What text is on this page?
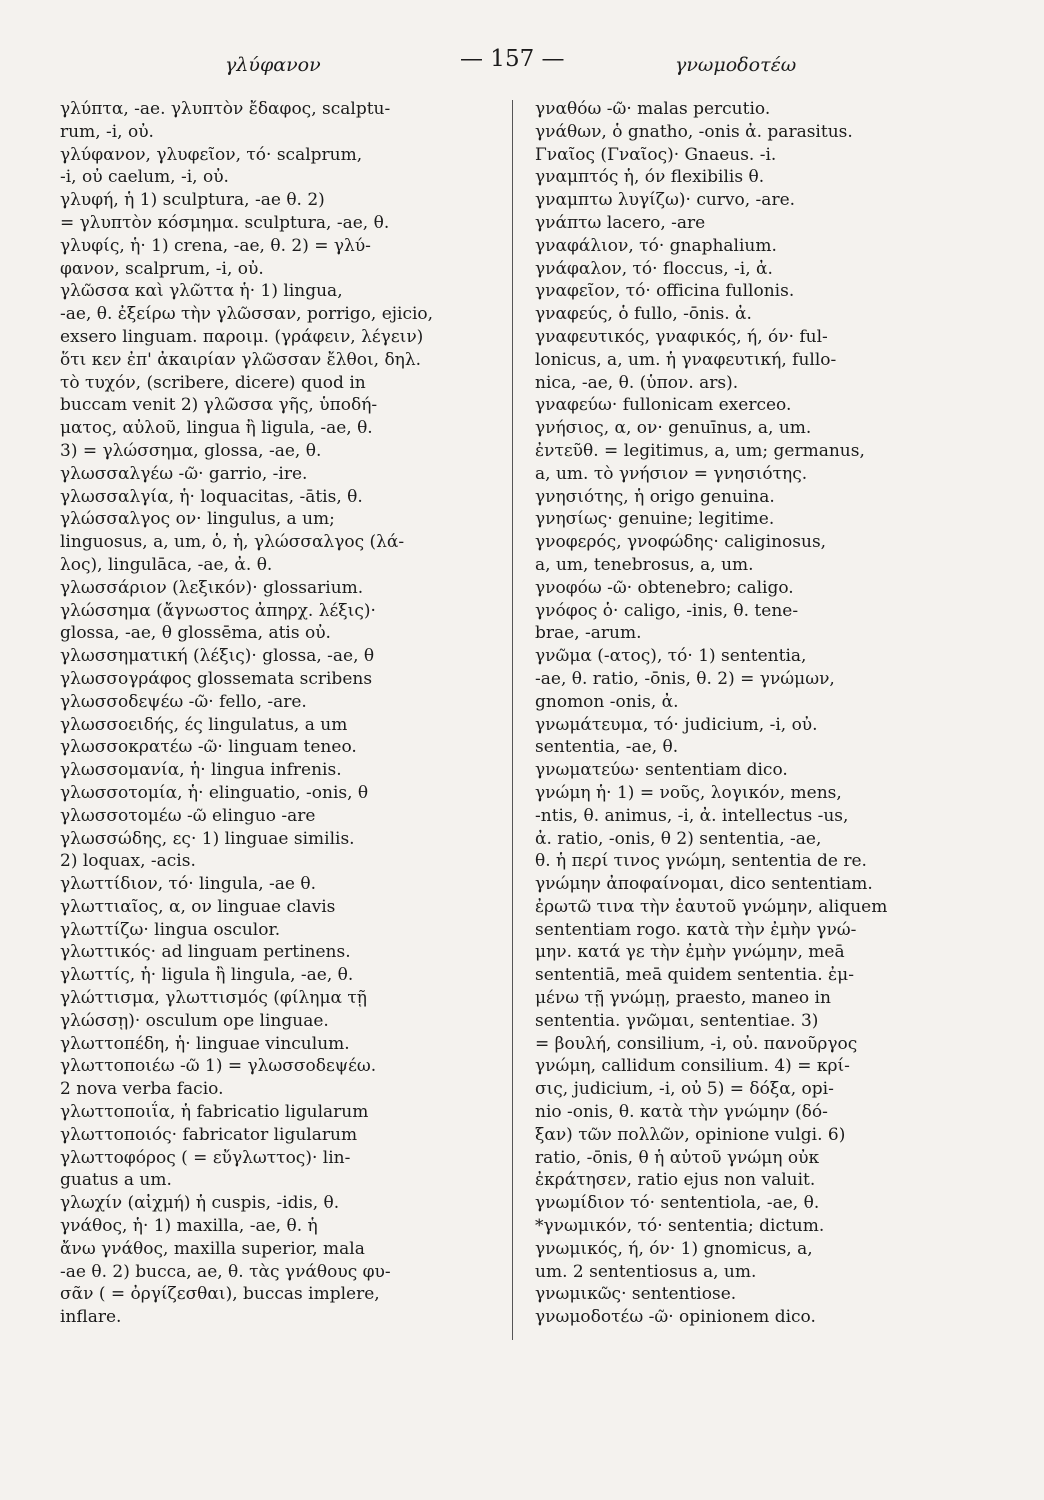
γλύφανον	— 157 —	γνωμοδοτέω
γλύπτα, -ae. γλυπτὸν ἔδαφος, scalptu-
rum, -i, οὐ.
γλύφανον, γλυφεῖον, τό· scalprum,
-i, οὐ caelum, -i, οὐ.
γλυφή, ἡ 1) sculptura, -ae θ. 2)
= γλυπτὸν κόσμημα. sculptura, -ae, θ.
γλυφίς, ἡ· 1) crena, -ae, θ. 2) = γλύ-
φανον, scalprum, -i, οὐ.
γλῶσσα καὶ γλῶττα ἡ· 1) lingua,
-ae, θ. ἐξείρω τὴν γλῶσσαν, porrigo, ejicio,
exsero linguam. παροιμ. (γράφειν, λέγειν)
ὅτι κεν ἐπ' ἀκαιρίαν γλῶσσαν ἔλθοι, δηλ.
τὸ τυχόν, (scribere, dicere) quod in
buccam venit 2) γλῶσσα γῆς, ὑποδή-
ματος, αὐλοῦ, lingua ἢ ligula, -ae, θ.
3) = γλώσσημα, glossa, -ae, θ.
γλωσσαλγέω -ῶ· garrio, -ire.
γλωσσαλγία, ἡ· loquacitas, -ātis, θ.
γλώσσαλγος ον· lingulus, a um;
linguosus, a, um, ὁ, ἡ, γλώσσαλγος (λά-
λος), lingulāca, -ae, ἀ. θ.
γλωσσάριον (λεξικόν)· glossarium.
γλώσσημα (ἄγνωστος ἀπηρχ. λέξις)·
glossa, -ae, θ glossēma, atis οὐ.
γλωσσηματική (λέξις)· glossa, -ae, θ
γλωσσογράφος glossemata scribens
γλωσσοδεψέω -ῶ· fello, -are.
γλωσσοειδής, ές lingulatus, a um
γλωσσοκρατέω -ῶ· linguam teneo.
γλωσσομανία, ἡ· lingua infrenis.
γλωσσοτομία, ἡ· elinguatio, -onis, θ
γλωσσοτομέω -ῶ elinguo -are
γλωσσώδης, ες· 1) linguae similis.
2) loquax, -acis.
γλωττίδιον, τό· lingula, -ae θ.
γλωττιαῖος, α, ον linguae clavis
γλωττίζω· lingua osculor.
γλωττικός· ad linguam pertinens.
γλωττίς, ἡ· ligula ἢ lingula, -ae, θ.
γλώττισμα, γλωττισμός (φίλημα τῇ
γλώσσῃ)· osculum ope linguae.
γλωττοπέδη, ἡ· linguae vinculum.
γλωττοποιέω -ῶ 1) = γλωσσοδεψέω.
2 nova verba facio.
γλωττοποιΐα, ἡ fabricatio ligularum
γλωττοποιός· fabricator ligularum
γλωττοφόρος ( = εὔγλωττος)· lin-
guatus a um.
γλωχίν (αἰχμή) ἡ cuspis, -idis, θ.
γνάθος, ἡ· 1) maxilla, -ae, θ. ἡ
ἄνω γνάθος, maxilla superior, mala
-ae θ. 2) bucca, ae, θ. τὰς γνάθους φυ-
σᾶν ( = ὀργίζεσθαι), buccas implere,
inflare.
γναθόω -ῶ· malas percutio.
γνάθων, ὁ gnatho, -onis ἀ. parasitus.
Γναῖος (Γναῖος)· Gnaeus. -i.
γναμπτός ἡ, όν flexibilis θ.
γναμπτω λυγίζω)· curvo, -are.
γνάπτω lacero, -are
γναφάλιον, τό· gnaphalium.
γνάφαλον, τό· floccus, -i, ἀ.
γναφεῖον, τό· officina fullonis.
γναφεύς, ὁ fullo, -ōnis. ἀ.
γναφευτικός, γναφικός, ή, όν· ful-
lonicus, a, um. ἡ γναφευτική, fullo-
nica, -ae, θ. (ὑπον. ars).
γναφεύω· fullonicam exerceo.
γνήσιος, α, ον· genuīnus, a, um.
ἐντεῦθ. = legitimus, a, um; germanus,
a, um. τὸ γνήσιον = γνησιότης.
γνησιότης, ἡ origo genuina.
γνησίως· genuine; legitime.
γνοφερός, γνοφώδης· caliginosus,
a, um, tenebrosus, a, um.
γνοφόω -ῶ· obtenebro; caligo.
γνόφος ὁ· caligo, -inis, θ. tene-
brae, -arum.
γνῶμα (-ατος), τό· 1) sententia,
-ae, θ. ratio, -ōnis, θ. 2) = γνώμων,
gnomon -onis, ἀ.
γνωμάτευμα, τό· judicium, -i, οὐ.
sententia, -ae, θ.
γνωματεύω· sententiam dico.
γνώμη ἡ· 1) = νοῦς, λογικόν, mens,
-ntis, θ. animus, -i, ἀ. intellectus -us,
ἀ. ratio, -onis, θ 2) sententia, -ae,
θ. ἡ περί τινος γνώμη, sententia de re.
γνώμην ἀποφαίνομαι, dico sententiam.
ἐρωτῶ τινα τὴν ἑαυτοῦ γνώμην, aliquem
sententiam rogo. κατὰ τὴν ἐμὴν γνώ-
μην. κατά γε τὴν ἐμὴν γνώμην, meā
sententiā, meā quidem sententia. ἐμ-
μένω τῇ γνώμῃ, praesto, maneo in
sententia. γνῶμαι, sententiae. 3)
= βουλή, consilium, -i, οὐ. πανοῦργος
γνώμη, callidum consilium. 4) = κρί-
σις, judicium, -i, οὐ 5) = δόξα, opi-
nio -onis, θ. κατὰ τὴν γνώμην (δό-
ξαν) τῶν πολλῶν, opinione vulgi. 6)
ratio, -ōnis, θ ἡ αὐτοῦ γνώμη οὐκ
ἐκράτησεν, ratio ejus non valuit.
γνωμίδιον τό· sententiola, -ae, θ.
*γνωμικόν, τό· sententia; dictum.
γνωμικός, ή, όν· 1) gnomicus, a,
um. 2 sententiosus a, um.
γνωμικῶς· sententiose.
γνωμοδοτέω -ῶ· opinionem dico.
